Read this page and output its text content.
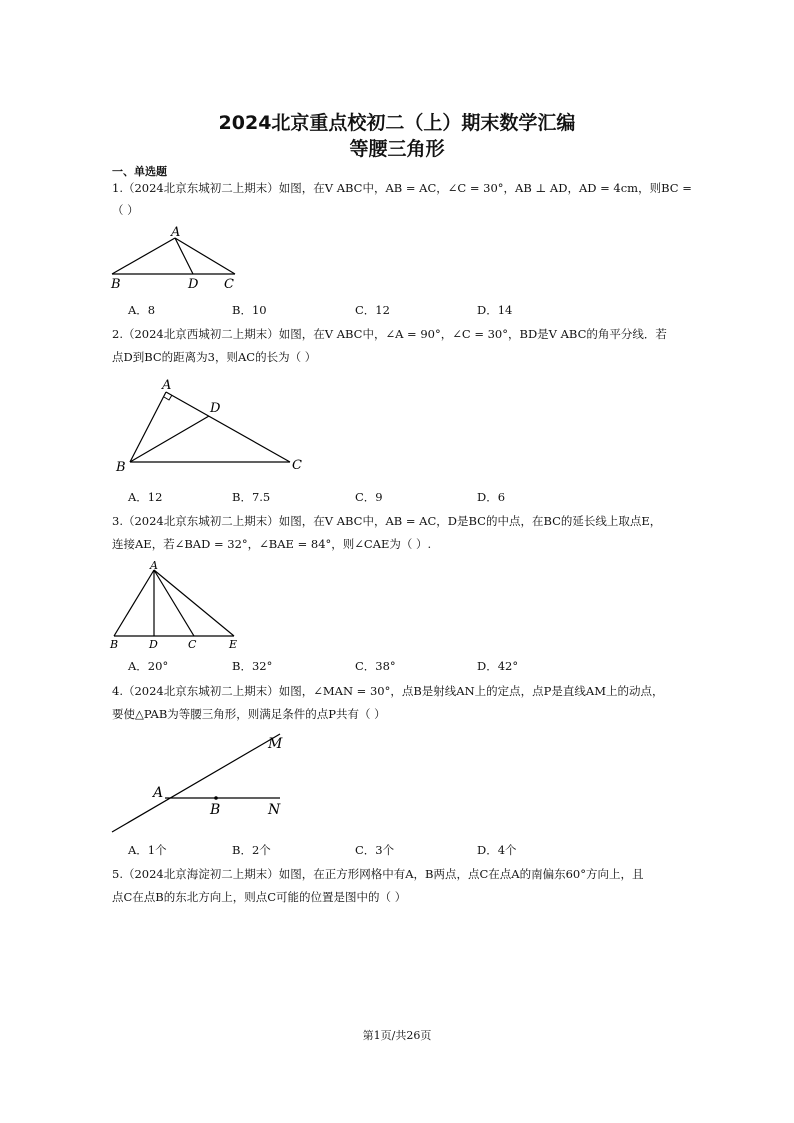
2024北京重点校初二（上）期末数学汇编
等腰三角形
一、单选题
1.（2024北京东城初二上期末）如图，在V ABC中，AB = AC，∠C = 30°，AB ⊥ AD，AD = 4cm，则BC =
（ ）
A
B	D C
A．8	B．10	C．12	D．14
2.（2024北京西城初二上期末）如图，在V ABC中，∠A = 90°，∠C = 30°，BD是V ABC的角平分线．若
点D到BC的距离为3，则AC的长为（ ）
A
D
B	C
A．12	B．7.5	C．9	D．6
3.（2024北京东城初二上期末）如图，在V ABC中，AB = AC，D是BC的中点，在BC的延长线上取点E，
连接AE，若∠BAD = 32°，∠BAE = 84°，则∠CAE为（ ）.
A
B	D	C	E
A．20°	B．32°	C．38°	D．42°
4.（2024北京东城初二上期末）如图，∠MAN = 30°，点B是射线AN上的定点，点P是直线AM上的动点，
要使△PAB为等腰三角形，则满足条件的点P共有（ ）
M
A
B	N
A．1个	B．2个	C．3个	D．4个
5.（2024北京海淀初二上期末）如图，在正方形网格中有A，B两点，点C在点A的南偏东60°方向上，且
点C在点B的东北方向上，则点C可能的位置是图中的（ ）
第1页/共26页
